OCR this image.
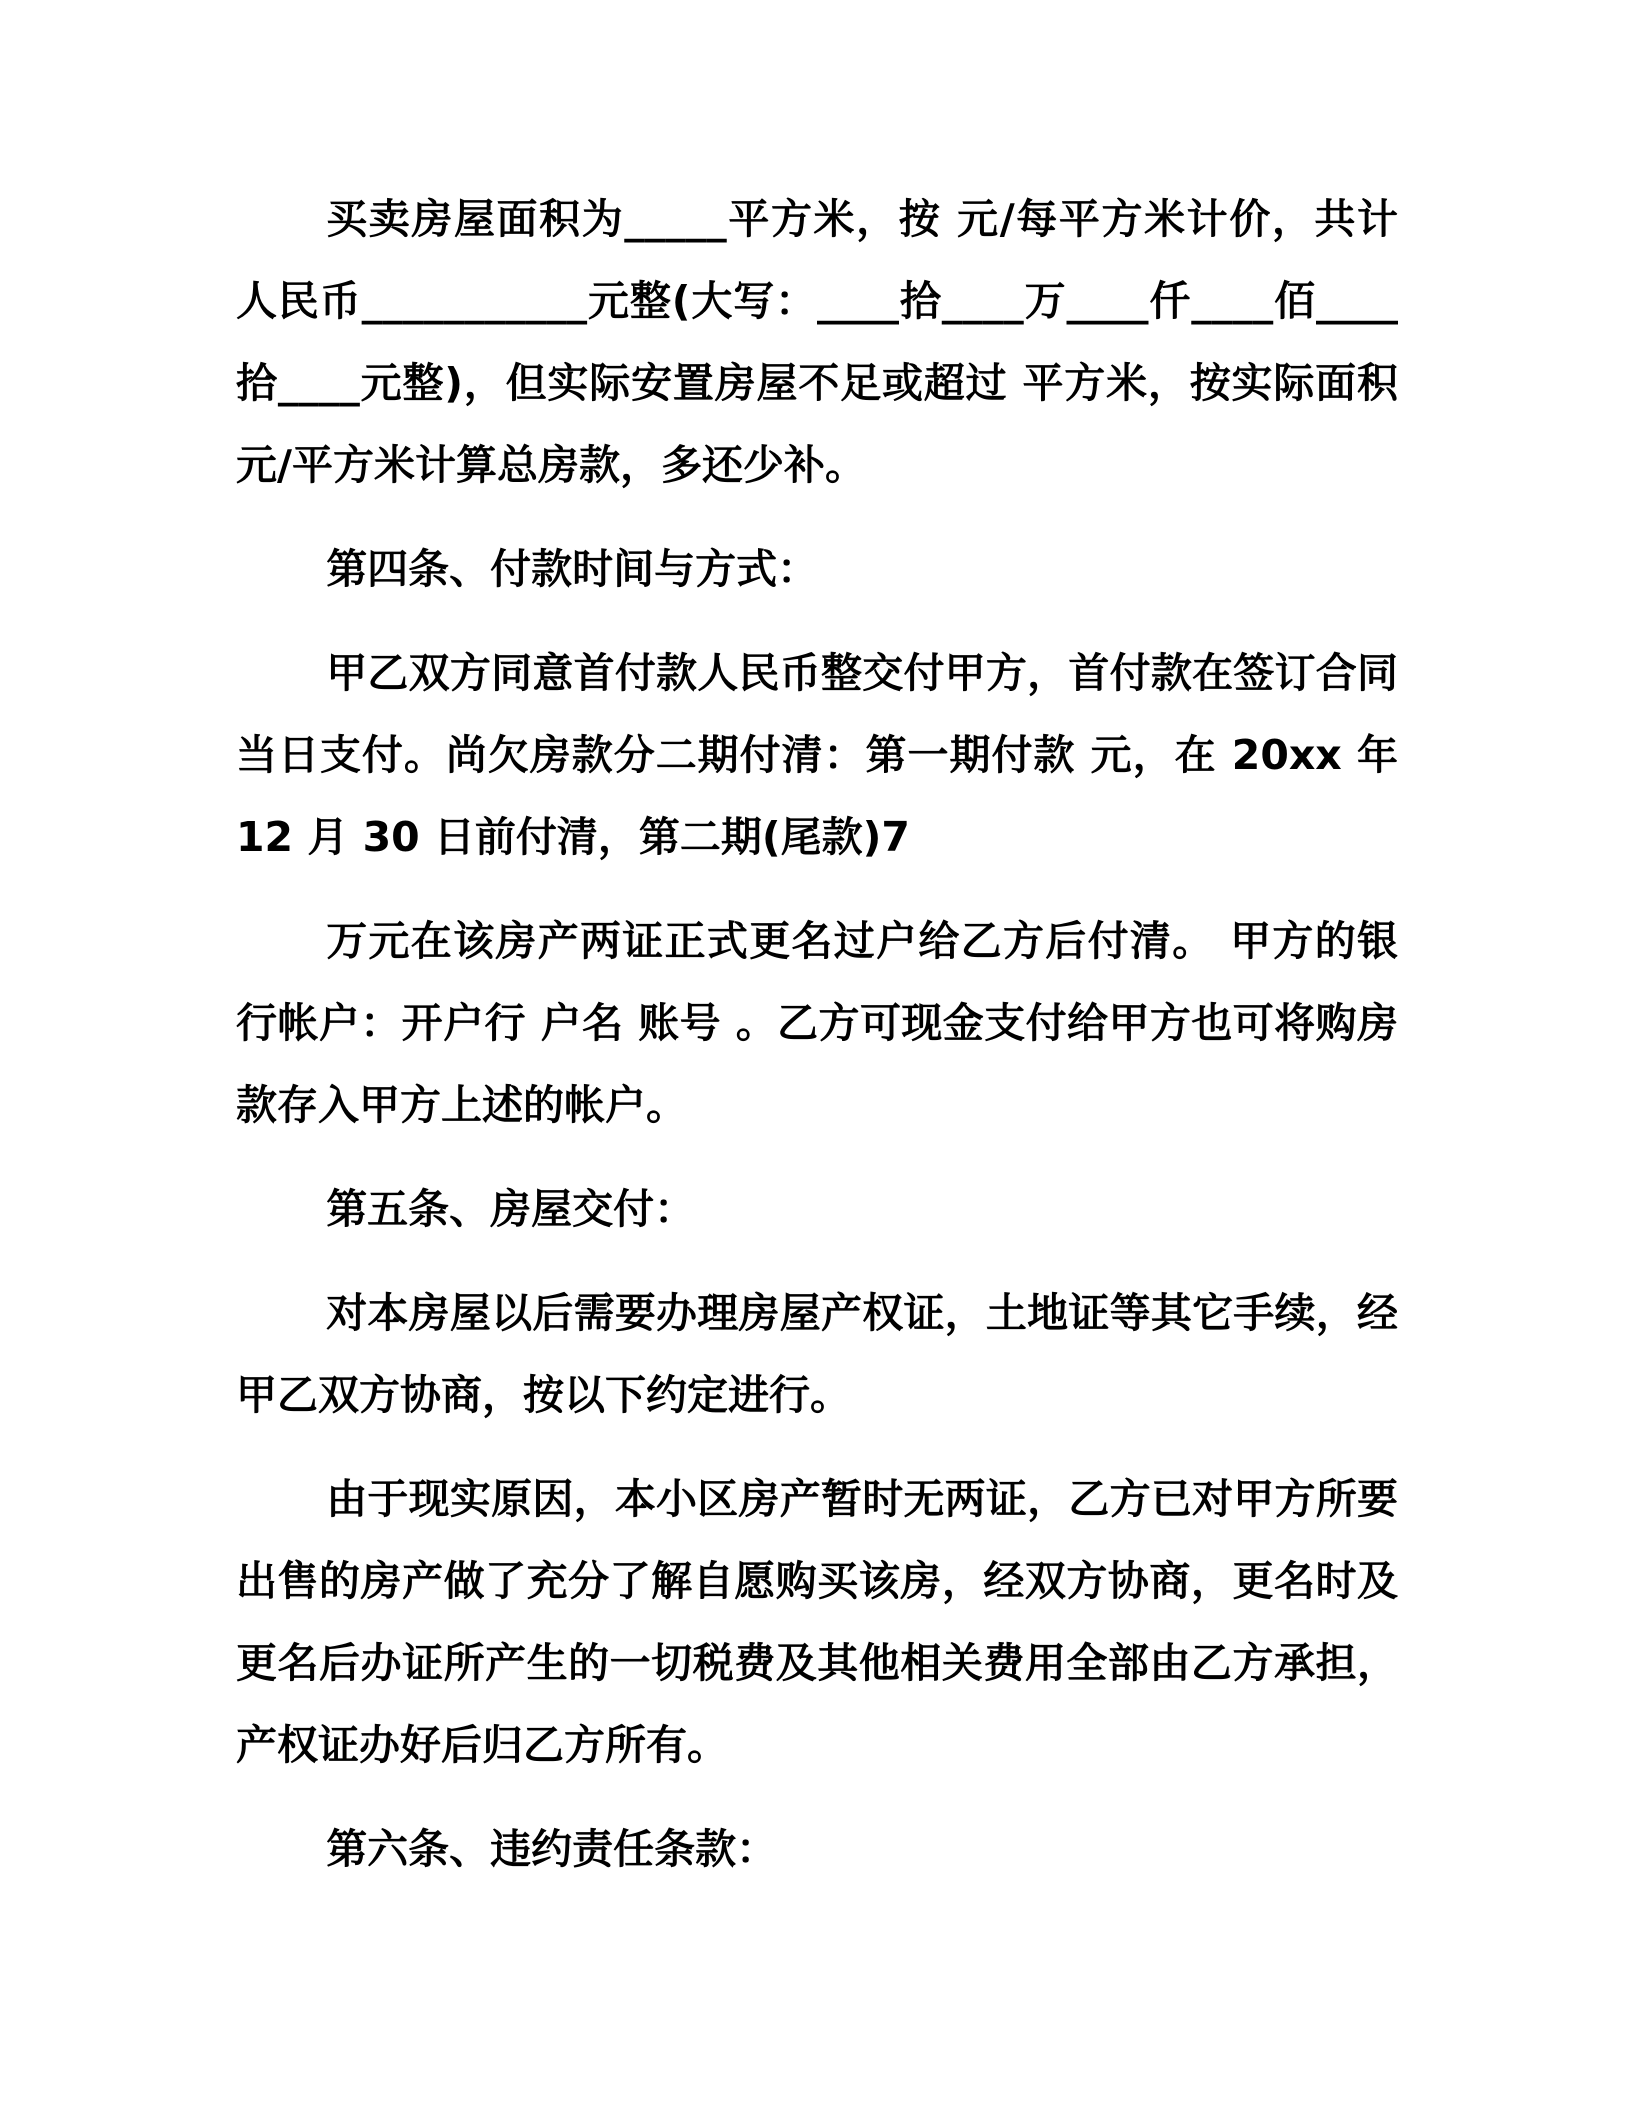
买卖房屋面积为_____平方米，按 元/每平方米计价，共计人民币___________元整(大写：____拾____万____仟____佰____拾____元整)，但实际安置房屋不足或超过 平方米，按实际面积 元/平方米计算总房款，多还少补。

第四条、付款时间与方式：

甲乙双方同意首付款人民币整交付甲方，首付款在签订合同当日支付。尚欠房款分二期付清：第一期付款 元，在 20xx 年 12 月 30 日前付清，第二期(尾款)7

万元在该房产两证正式更名过户给乙方后付清。 甲方的银行帐户：开户行 户名 账号 。乙方可现金支付给甲方也可将购房款存入甲方上述的帐户。

第五条、房屋交付：

对本房屋以后需要办理房屋产权证，土地证等其它手续，经甲乙双方协商，按以下约定进行。

由于现实原因，本小区房产暂时无两证，乙方已对甲方所要出售的房产做了充分了解自愿购买该房，经双方协商，更名时及更名后办证所产生的一切税费及其他相关费用全部由乙方承担，产权证办好后归乙方所有。

第六条、违约责任条款：
